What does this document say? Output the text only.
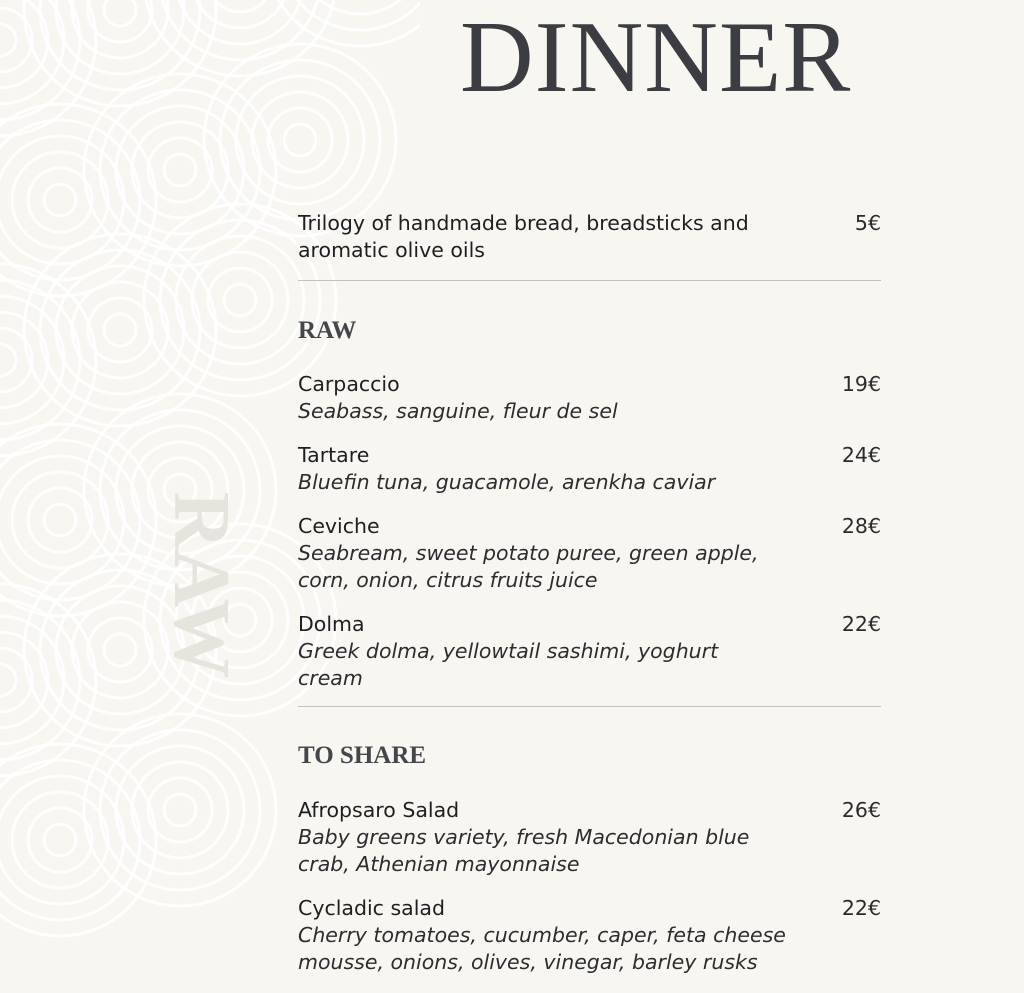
DINNER
RAW
Trilogy of handmade bread, breadsticks and aromatic olive oils
5€
RAW
Carpaccio
Seabass, sanguine, fleur de sel
19€
Tartare
Bluefin tuna, guacamole, arenkha caviar
24€
Ceviche
Seabream, sweet potato puree, green apple, corn, onion, citrus fruits juice
28€
Dolma
Greek dolma, yellowtail sashimi, yoghurt cream
22€
TO SHARE
Afropsaro Salad
Baby greens variety, fresh Macedonian blue crab, Athenian mayonnaise
26€
Cycladic salad
Cherry tomatoes, cucumber, caper, feta cheese mousse, onions, olives, vinegar, barley rusks
22€
